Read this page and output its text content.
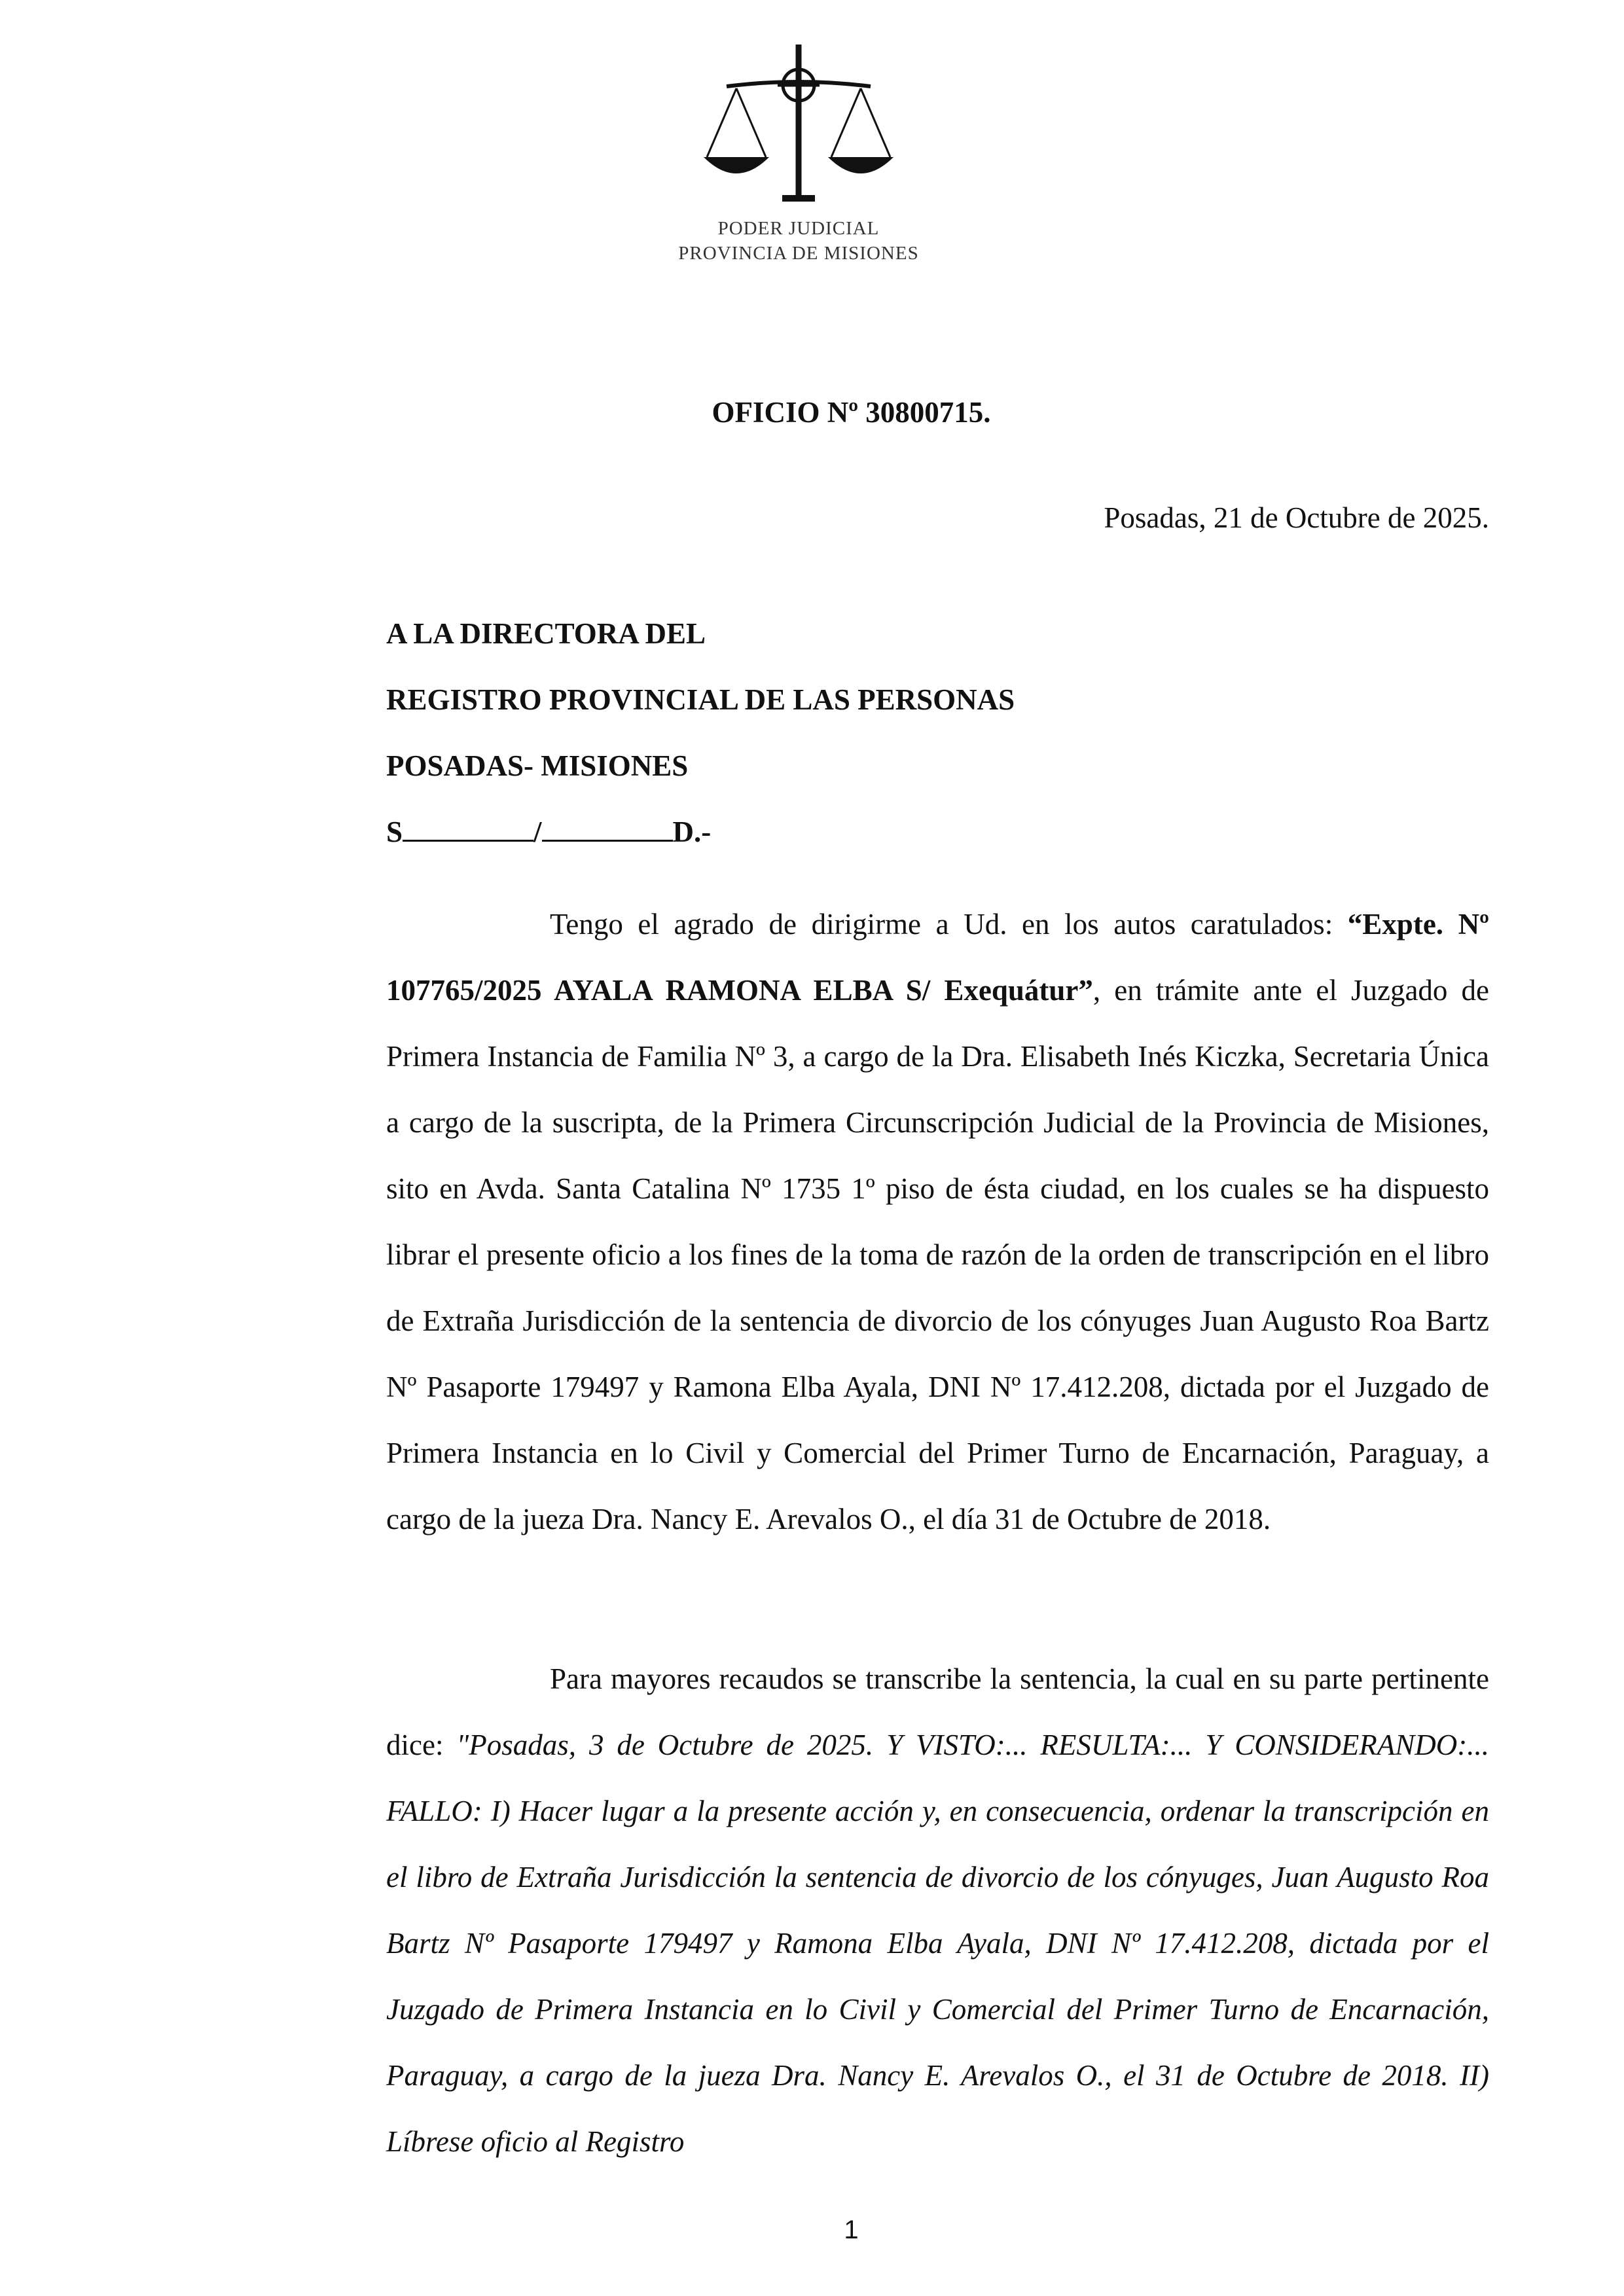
PODER JUDICIAL
PROVINCIA DE MISIONES
OFICIO Nº 30800715.
Posadas, 21 de Octubre de 2025.
A LA DIRECTORA DEL
REGISTRO PROVINCIAL DE LAS PERSONAS
POSADAS- MISIONES
S	/	D.-

Tengo el agrado de dirigirme a Ud. en los autos caratulados: “Expte. Nº 107765/2025 AYALA RAMONA ELBA S/ Exequátur”, en trámite ante el Juzgado de Primera Instancia de Familia Nº 3, a cargo de la Dra. Elisabeth Inés Kiczka, Secretaria Única a cargo de la suscripta, de la Primera Circunscripción Judicial de la Provincia de Misiones, sito en Avda. Santa Catalina Nº 1735 1º piso de ésta ciudad, en los cuales se ha dispuesto librar el presente oficio a los fines de la toma de razón de la orden de transcripción en el libro de Extraña Jurisdicción de la sentencia de divorcio de los cónyuges Juan Augusto Roa Bartz Nº Pasaporte 179497 y Ramona Elba Ayala, DNI Nº 17.412.208, dictada por el Juzgado de Primera Instancia en lo Civil y Comercial del Primer Turno de Encarnación, Paraguay, a cargo de la jueza Dra. Nancy E. Arevalos O., el día 31 de Octubre de 2018.

Para mayores recaudos se transcribe la sentencia, la cual en su parte pertinente dice: "Posadas, 3 de Octubre de 2025. Y VISTO:... RESULTA:... Y CONSIDERANDO:... FALLO: I) Hacer lugar a la presente acción y, en consecuencia, ordenar la transcripción en el libro de Extraña Jurisdicción la sentencia de divorcio de los cónyuges, Juan Augusto Roa Bartz Nº Pasaporte 179497 y Ramona Elba Ayala, DNI Nº 17.412.208, dictada por el Juzgado de Primera Instancia en lo Civil y Comercial del Primer Turno de Encarnación, Paraguay, a cargo de la jueza Dra. Nancy E. Arevalos O., el 31 de Octubre de 2018. II) Líbrese oficio al Registro

1
